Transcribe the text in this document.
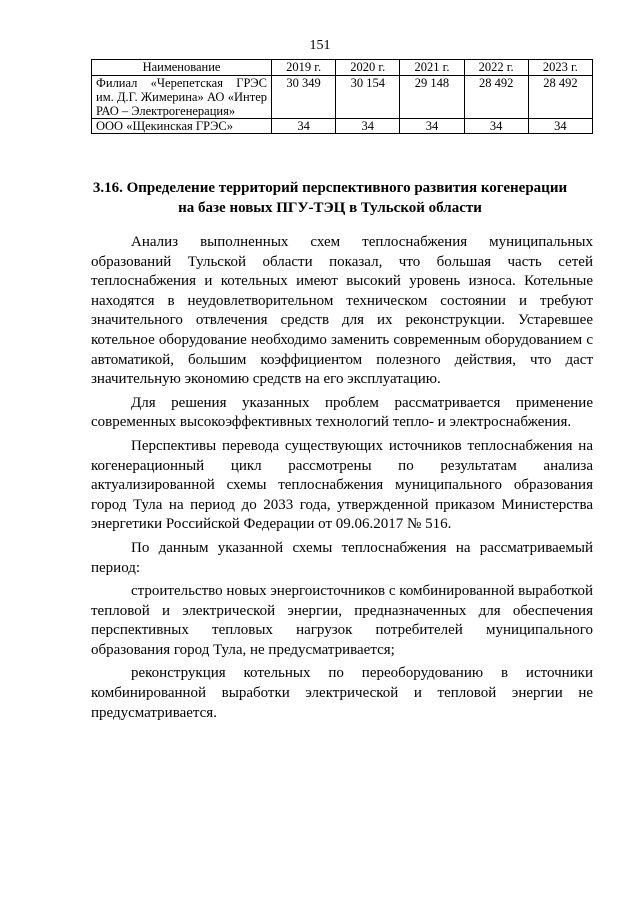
151
Наименование	2019 г.	2020 г.	2021 г.	2022 г.	2023 г.
Филиал «Черепетская ГРЭС им. Д.Г. Жимерина» АО «Интер РАО – Электрогенерация»	30 349	30 154	29 148	28 492	28 492
ООО «Щекинская ГРЭС»	34	34	34	34	34
3.16. Определение территорий перспективного развития когенерации
на базе новых ПГУ-ТЭЦ в Тульской области

Анализ выполненных схем теплоснабжения муниципальных образований Тульской области показал, что большая часть сетей теплоснабжения и котельных имеют высокий уровень износа. Котельные находятся в неудовлетворительном техническом состоянии и требуют значительного отвлечения средств для их реконструкции. Устаревшее котельное оборудование необходимо заменить современным оборудованием с автоматикой, большим коэффициентом полезного действия, что даст значительную экономию средств на его эксплуатацию.

Для решения указанных проблем рассматривается применение современных высокоэффективных технологий тепло- и электроснабжения.

Перспективы перевода существующих источников теплоснабжения на когенерационный цикл рассмотрены по результатам анализа актуализированной схемы теплоснабжения муниципального образования город Тула на период до 2033 года, утвержденной приказом Министерства энергетики Российской Федерации от 09.06.2017 № 516.

По данным указанной схемы теплоснабжения на рассматриваемый период:

строительство новых энергоисточников с комбинированной выработкой тепловой и электрической энергии, предназначенных для обеспечения перспективных тепловых нагрузок потребителей муниципального образования город Тула, не предусматривается;

реконструкция котельных по переоборудованию в источники комбинированной выработки электрической и тепловой энергии не предусматривается.
